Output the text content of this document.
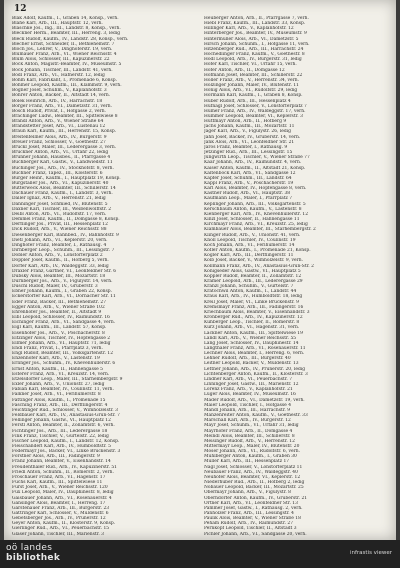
12
Blak Adolf, Kaufm., I., Graben 14, Konsp., verh.
Blahe Karl, Arb., III., Hauptstr. 12, verh.
Blaschke Jos., Ing., III., Landstr. 8, Konsp., verh.
Bleckner Herm., Beamter, III., Herreng. 3, ledig
Bleck Rudolf, Kaufm., IV., Landstr. 28, Konsp., verh.
Blecher Ernst, Schneider, II., Bethlehemstr. 7
Bloch Jos., Lehrer, V., Dinghoferstr. 19, verh.
Blumauer Franz, Arb., VI., Wiener Reichsstr. 4
Blum Alois, Schlosser, III., Kapuzinerstr. 22
Bock Anton, Magistr.-Beamter, IV., Museumstr. 5
Böck Johann, Tischler, III., Landstr. 41, verh.
Bödl Franz, Arb., VI., Hafnerstr. 12, ledig
Böhm Karl, Fabrikant, I., Promenade 6, Konsp.
Böhmer Leopold, Kaufm., III., Klammstr. 9, verh.
Bogner Josef, Schuhm., V., Kaplanhofstr. 3
Bohrer Anton, Bäcker, II., Altstadt 14, verh.
Bolek Heinrich, Arb., IV., Harrachstr. 18
Borger Franz, Arb., VI., Dametzstr. 31, verh.
Bosch Rudolf, Privat, I., Hofgasse 2, verh.
Brachinger Ludw., Beamter, III., Spittelwiese 8
Brandl Anton, Arb., V., Wiener Straße 64
Brandstetter Josef, Arb., VI., Lustenau 12
Braun Karl, Kaufm., III., Herrenstr. 15, Konsp.
Breitenfellner Alois, Arb., IV., Bürgerstr. 9
Breuer Franz, Schlosser, V., Goethestr. 27
Brückl Josef, Maler, III., Lederergasse 3, verh.
Bruckner Anton, Arb., VI., Urfahr 22, ledig
Brunner Johann, Hausbes., II., Pfarrgasse 4
Buchberger Karl, Gastw., V., Landwiedstr. 11
Buchinger Jos., Arb., IV., Stockhofstr. 8, verh.
Buchner Franz, Tapez., III., Klosterstr. 6
Bürger Heinr., Kaufm., I., Hauptplatz 19, Konsp.
Burgstaller Jos., Arb., VI., Kapuzinerstr. 40
Butterweck Alois, Beamter, III., Schillerstr. 14
Dachauer Franz, Kaufm., I., Landstr. 3, verh.
Daller Ignaz, Arb., V., Herrenstr. 21, ledig
Danninger Josef, Schmied, IV., Blütenstr. 5
Daxner Karl, Tischler, III., Weißenwolffstr. 2
Deibl Anton, Arb., VI., Rudolfstr. 17, verh.
Demmel Franz, Kaufm., II., Domgasse 8, Konsp.
Derflinger Jos., Privat, III., Hessenplatz 12
Dick Rudolf, Arb., V., Wiener Reichsstr. 88
Diesenberger Karl, Bahnbed., IV., Bahnhofstr. 9
Dietl Johann, Arb., VI., Keplerstr. 20, verh.
Dinghofer Franz, Beamter, I., Rathausg. 4
Dirnberger Leop., Schuhm., III., Lessingstr. 7
Dobler Anton, Arb., V., Lonstorferplatz 2
Doppler Josef, Kaufm., II., Hofberg 5, verh.
Dorfer Karl, Arb., IV., Waldeggstr. 33, ledig
Draxler Franz, Gärtner, VI., Leonfeldner Str. 6
Dubsky Alois, Beamter, III., Mozartstr. 18
Dürnberger Jos., Arb., V., Figulystr. 14, verh.
Duschl Rudolf, Maler, IV., Gruberstr. 3
Ebner Johann, Kaufm., I., Graben 22, Konsp.
Eckerstorfer Karl, Arb., VI., Dornacher Str. 11
Eder Franz, Bäcker, III., Bethlehemstr. 27
Egger Anton, Arb., V., Wiener Straße 102
Ehrenhöfer Jos., Beamter, II., Altstadt 9
Eibl Leopold, Schlosser, IV., Raimundstr. 16
Eichinger Franz, Arb., VI., Sandgasse 4, verh.
Eigl Karl, Kaufm., III., Landstr. 57, Konsp.
Eisenhofer Jos., Arb., V., Poschacherstr. 8
Eitzinger Alois, Tischler, IV., Hopfengasse 2
Ellmer Johann, Arb., VI., Hauptstr. 71, ledig
Endl Franz, Privat, I., Pfarrplatz 3, verh.
Engl Rudolf, Beamter, III., Volksgartenstr. 12
Enzenhofer Karl, Arb., V., Lastenstr. 19
Erlinger Jos., Schuhm., IV., Khevenhüllerstr. 6
Ernst Anton, Kaufm., II., Hahnengasse 5
Esterer Franz, Arb., VI., Kreuzstr. 14, verh.
Etzelsdorfer Leop., Maler, III., Starhembergstr. 9
Exler Johann, Arb., V., Unionstr. 27, ledig
Fabian Karl, Beamter, IV., Coulinstr. 11, verh.
Falkner Josef, Arb., VI., Ferihumerstr. 8
Fattinger Alois, Kaufm., I., Promenade 15
Fasching Franz, Arb., III., Derfflingerstr. 4
Feichtinger Rud., Schlosser, V., Wimhölzelstr. 3
Feldbauer Karl, Arb., IV., Anastasius-Grün-Str. 7
Fellinger Johann, Gastw., VI., Hauptplatz 12
Ferstl Anton, Beamter, II., Zollamtstr. 6, verh.
Fichtinger Jos., Arb., III., Lederergasse 18
Fink Franz, Tischler, V., Gürtelstr. 22, ledig
Fischer Leopold, Kaufm., I., Landstr. 12, Konsp.
Fleischanderl Karl, Arb., IV., Humboldtstr. 5
Födermayr Jos., Bäcker, VI., Linke Brückenstr. 3
Forstner Alois, Arb., III., Fadingerstr. 9
Franz Johann, Beamter, V., Eisenhandstr. 14
Freudenthaler Rud., Arb., IV., Kapuzinerstr. 51
Friedl Anton, Schuhm., II., Römerstr. 2, verh.
Froschauer Franz, Arb., VI., Hagenstr. 17
Fuchs Karl, Kaufm., III., Spittelwiese 11
Fürst Josef, Arb., V., Wiener Reichsstr. 120
Fux Leopold, Maler, IV., Dauphinestr. 8, ledig
Gaisbauer Johann, Arb., VI., Rosenauerstr. 4
Gansinger Alois, Beamter, I., Herreng. 17
Garstenauer Franz, Arb., III., Bürgerstr. 23
Gattringer Karl, Schlosser, V., Muldenstr. 6
Gebetsberger Jos., Arb., IV., Prunerstr. 12
Geyer Anton, Kaufm., II., Klosterstr. 9, Konsp.
Gierlinger Rud., Arb., VI., Peuerbachstr. 15
Glaser Johann, Tischler, III., Marienstr. 3
Heuberger Anton, Arb., II., Pfarrgasse 7, verh.
Hiebl Franz, Kaufm., III., Landstr. 33, Konsp.
Hillinger Karl, Arb., V., Kaplanhofstr. 12
Hinterberger Jos., Beamter, IV., Museumstr. 9
Hintermüller Alois, Arb., VI., Dametzstr. 5
Hirsch Johann, Schuhm., I., Hofgasse 11, verh.
Hitzenberger Rud., Arb., III., Harrachstr. 24
Hochedlinger Franz, Kaufm., V., Goethestr. 8
Hödl Leopold, Arb., IV., Bürgerstr. 31, ledig
Höfer Karl, Tischler, VI., Urfahr 15, verh.
Hofer Anton, Arb., II., Domgasse 12
Hofmann Josef, Beamter, III., Schillerstr. 22
Höller Franz, Arb., V., Herrenstr. 34, verh.
Holzinger Johann, Maler, IV., Blütenstr. 11
Hönig Alois, Arb., VI., Rudolfstr. 29, ledig
Hörmann Karl, Kaufm., I., Graben 8, Konsp.
Huber Rudolf, Arb., III., Hessenplatz 4
Hufnagl Josef, Schlosser, V., Lonstorferplatz 7
Humer Franz, Arb., IV., Waldeggstr. 17, verh.
Hummer Leopold, Beamter, VI., Keplerstr. 3
Hüttmayr Anton, Arb., II., Hofberg 9
Jachs Johann, Kaufm., III., Mozartstr. 11
Jäger Karl, Arb., V., Figulystr. 26, ledig
Jahn Josef, Bäcker, IV., Gruberstr. 14, verh.
Jank Alois, Arb., VI., Leonfeldner Str. 21
Jaros Franz, Beamter, I., Rathausg. 9
Jetzinger Rud., Arb., III., Lessingstr. 15
Jungwirth Leop., Tischler, V., Wiener Straße 77
Kaar Johann, Arb., IV., Raimundstr. 4, verh.
Kaiser Anton, Kaufm., II., Altstadt 21, Konsp.
Kaltenböck Karl, Arb., VI., Sandgasse 12
Kapfer Josef, Schuhm., III., Landstr. 64
Kappl Franz, Arb., V., Poschacherstr. 19
Karl Alois, Beamter, IV., Hopfengasse 8, verh.
Kastner Rudolf, Arb., VI., Hauptstr. 38
Kaufmann Leop., Maler, I., Pfarrplatz 7
Keplinger Johann, Arb., III., Volksgartenstr. 5
Kerschbaum Anton, Kaufm., V., Lastenstr. 8
Kienberger Karl, Arb., IV., Khevenhüllerstr. 12
Kinzl Josef, Schlosser, II., Hahnengasse 11
Kirchmayr Franz, Arb., VI., Kreuzstr. 25, ledig
Klambauer Alois, Beamter, III., Starhembergstr. 2
Klinger Rudolf, Arb., V., Unionstr. 41, verh.
Knoll Leopold, Tischler, IV., Coulinstr. 19
Koch Johann, Arb., VI., Ferihumerstr. 14
Kofler Anton, Kaufm., I., Promenade 21, Konsp.
Kogler Karl, Arb., III., Derfflingerstr. 11
Kolb Josef, Bäcker, V., Wimhölzelstr. 9, verh.
Kollmann Franz, Arb., IV., Anastasius-Grün-Str. 2
Königseder Alois, Gastw., VI., Hauptplatz 5
Koppler Rudolf, Beamter, II., Zollamtstr. 12
Kramer Leopold, Arb., III., Lederergasse 29
Kranzl Johann, Schuhm., V., Gürtelstr. 7
Kratochwil Anton, Kaufm., I., Landstr. 44
Kraus Karl, Arb., IV., Humboldtstr. 18, ledig
Kreil Josef, Maler, VI., Linke Brückenstr. 9
Kremsmayr Franz, Arb., III., Fadingerstr. 16
Kriechbaum Alois, Beamter, V., Eisenhandstr. 3
Kronberger Rud., Arb., IV., Kapuzinerstr. 12
Kühberger Leop., Tischler, II., Römerstr. 8
Kurz Johann, Arb., VI., Hagenstr. 31, verh.
Lackner Anton, Kaufm., III., Spittelwiese 19
Landl Karl, Arb., V., Wiener Reichsstr. 55
Lang Josef, Schlosser, IV., Dauphinestr. 14
Langthaler Franz, Arb., VI., Rosenauerstr. 11
Lechner Alois, Beamter, I., Herreng. 6, verh.
Lehner Rudolf, Arb., III., Bürgerstr. 40
Leitner Leopold, Bäcker, V., Muldenstr. 13
Lettner Johann, Arb., IV., Prunerstr. 20, ledig
Lichtenberger Anton, Kaufm., II., Klosterstr. 3
Lindner Karl, Arb., VI., Peuerbachstr. 7
Linninger Josef, Gastw., III., Marienstr. 12
Lorenz Franz, Arb., V., Kaplanhofstr. 21
Luger Alois, Beamter, IV., Museumstr. 16
Mader Rudolf, Arb., VI., Dametzstr. 19, verh.
Maier Leopold, Tischler, I., Hofgasse 4
Mandl Johann, Arb., III., Harrachstr. 9
Manzenreiter Anton, Kaufm., V., Goethestr. 33
Marschall Karl, Arb., IV., Bürgerstr. 12
Mayr Josef, Schuhm., VI., Urfahr 31, ledig
Mayrhofer Franz, Arb., II., Domgasse 4
Meindl Alois, Beamter, III., Schillerstr. 8
Meisinger Rudolf, Arb., V., Herrenstr. 12
Mittermayr Leop., Maler, IV., Blütenstr. 20
Moser Johann, Arb., VI., Rudolfstr. 6, verh.
Mühlberger Anton, Kaufm., I., Graben 30
Müller Karl, Arb., III., Hessenplatz 17
Nagl Josef, Schlosser, V., Lonstorferplatz 11
Neubauer Franz, Arb., IV., Waldeggstr. 40
Neuhofer Alois, Beamter, VI., Keplerstr. 12
Niederhuber Rud., Arb., II., Hofberg 2, ledig
Nöbauer Leopold, Bäcker, III., Mozartstr. 25
Obermayr Johann, Arb., V., Figulystr. 8
Oberndorfer Anton, Kaufm., IV., Gruberstr. 21
Ortner Karl, Arb., VI., Leonfeldner Str. 13
Pammer Josef, Gastw., I., Rathausg. 2, verh.
Panholzer Franz, Arb., III., Lessingstr. 4
Paulik Alois, Beamter, V., Wiener Straße 18
Peham Rudolf, Arb., IV., Raimundstr. 27
Pernkopf Leopold, Tischler, II., Altstadt 3
Pichler Johann, Arb., VI., Sandgasse 20, verh.
oö landes
bibliothek	infrastis viewer
